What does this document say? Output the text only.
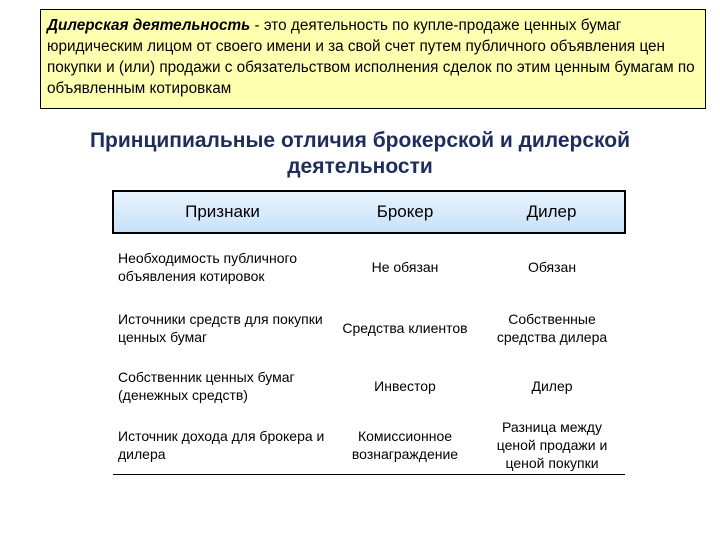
Дилерская деятельность - это деятельность по купле-продаже ценных бумаг юридическим лицом от своего имени и за свой счет путем публичного объявления цен покупки и (или) продажи с обязательством исполнения сделок по этим ценным бумагам по объявленным котировкам
Принципиальные отличия брокерской и дилерской
деятельности
Признаки	Брокер	Дилер
Необходимость публичного объявления котировок	Не обязан	Обязан
Источники средств для покупки ценных бумаг	Средства клиентов	Собственные средства дилера
Собственник ценных бумаг (денежных средств)	Инвестор	Дилер
Источник дохода для брокера и дилера	Комиссионное вознаграждение	Разница между ценой продажи и ценой покупки
